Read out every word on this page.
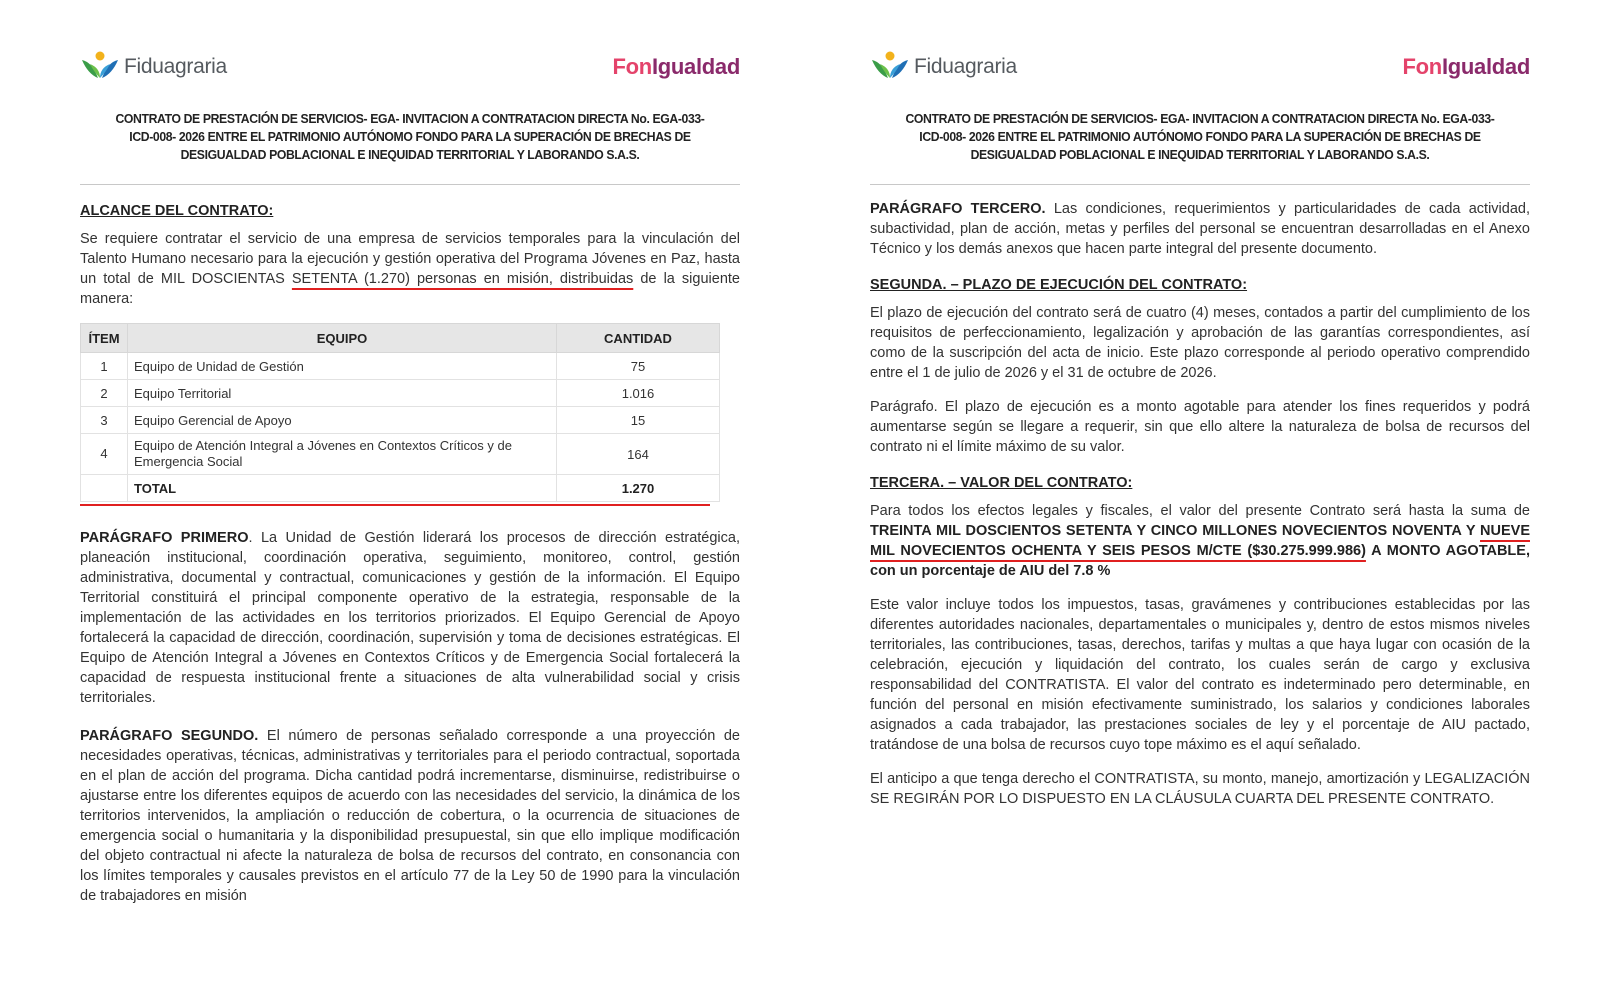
Fiduagraria	FonIgualdad
CONTRATO DE PRESTACIÓN DE SERVICIOS- EGA- INVITACION A CONTRATACION DIRECTA No. EGA-033-
ICD-008- 2026 ENTRE EL PATRIMONIO AUTÓNOMO FONDO PARA LA SUPERACIÓN DE BRECHAS DE
DESIGUALDAD POBLACIONAL E INEQUIDAD TERRITORIAL Y LABORANDO S.A.S.
ALCANCE DEL CONTRATO:
Se requiere contratar el servicio de una empresa de servicios temporales para la vinculación del Talento Humano necesario para la ejecución y gestión operativa del Programa Jóvenes en Paz, hasta un total de MIL DOSCIENTAS SETENTA (1.270) personas en misión, distribuidas de la siguiente manera:
ÍTEM	EQUIPO	CANTIDAD
1	Equipo de Unidad de Gestión	75
2	Equipo Territorial	1.016
3	Equipo Gerencial de Apoyo	15
4	Equipo de Atención Integral a Jóvenes en Contextos Críticos y de Emergencia Social	164
	TOTAL	1.270
PARÁGRAFO PRIMERO. La Unidad de Gestión liderará los procesos de dirección estratégica, planeación institucional, coordinación operativa, seguimiento, monitoreo, control, gestión administrativa, documental y contractual, comunicaciones y gestión de la información. El Equipo Territorial constituirá el principal componente operativo de la estrategia, responsable de la implementación de las actividades en los territorios priorizados. El Equipo Gerencial de Apoyo fortalecerá la capacidad de dirección, coordinación, supervisión y toma de decisiones estratégicas. El Equipo de Atención Integral a Jóvenes en Contextos Críticos y de Emergencia Social fortalecerá la capacidad de respuesta institucional frente a situaciones de alta vulnerabilidad social y crisis territoriales.
PARÁGRAFO SEGUNDO. El número de personas señalado corresponde a una proyección de necesidades operativas, técnicas, administrativas y territoriales para el periodo contractual, soportada en el plan de acción del programa. Dicha cantidad podrá incrementarse, disminuirse, redistribuirse o ajustarse entre los diferentes equipos de acuerdo con las necesidades del servicio, la dinámica de los territorios intervenidos, la ampliación o reducción de cobertura, o la ocurrencia de situaciones de emergencia social o humanitaria y la disponibilidad presupuestal, sin que ello implique modificación del objeto contractual ni afecte la naturaleza de bolsa de recursos del contrato, en consonancia con los límites temporales y causales previstos en el artículo 77 de la Ley 50 de 1990 para la vinculación de trabajadores en misión
Fiduagraria	FonIgualdad
CONTRATO DE PRESTACIÓN DE SERVICIOS- EGA- INVITACION A CONTRATACION DIRECTA No. EGA-033-
ICD-008- 2026 ENTRE EL PATRIMONIO AUTÓNOMO FONDO PARA LA SUPERACIÓN DE BRECHAS DE
DESIGUALDAD POBLACIONAL E INEQUIDAD TERRITORIAL Y LABORANDO S.A.S.
PARÁGRAFO TERCERO. Las condiciones, requerimientos y particularidades de cada actividad, subactividad, plan de acción, metas y perfiles del personal se encuentran desarrolladas en el Anexo Técnico y los demás anexos que hacen parte integral del presente documento.
SEGUNDA. – PLAZO DE EJECUCIÓN DEL CONTRATO:
El plazo de ejecución del contrato será de cuatro (4) meses, contados a partir del cumplimiento de los requisitos de perfeccionamiento, legalización y aprobación de las garantías correspondientes, así como de la suscripción del acta de inicio. Este plazo corresponde al periodo operativo comprendido entre el 1 de julio de 2026 y el 31 de octubre de 2026.
Parágrafo. El plazo de ejecución es a monto agotable para atender los fines requeridos y podrá aumentarse según se llegare a requerir, sin que ello altere la naturaleza de bolsa de recursos del contrato ni el límite máximo de su valor.
TERCERA. – VALOR DEL CONTRATO:
Para todos los efectos legales y fiscales, el valor del presente Contrato será hasta la suma de TREINTA MIL DOSCIENTOS SETENTA Y CINCO MILLONES NOVECIENTOS NOVENTA Y NUEVE MIL NOVECIENTOS OCHENTA Y SEIS PESOS M/CTE ($30.275.999.986) A MONTO AGOTABLE, con un porcentaje de AIU del 7.8 %
Este valor incluye todos los impuestos, tasas, gravámenes y contribuciones establecidas por las diferentes autoridades nacionales, departamentales o municipales y, dentro de estos mismos niveles territoriales, las contribuciones, tasas, derechos, tarifas y multas a que haya lugar con ocasión de la celebración, ejecución y liquidación del contrato, los cuales serán de cargo y exclusiva responsabilidad del CONTRATISTA. El valor del contrato es indeterminado pero determinable, en función del personal en misión efectivamente suministrado, los salarios y condiciones laborales asignados a cada trabajador, las prestaciones sociales de ley y el porcentaje de AIU pactado, tratándose de una bolsa de recursos cuyo tope máximo es el aquí señalado.
El anticipo a que tenga derecho el CONTRATISTA, su monto, manejo, amortización y LEGALIZACIÓN SE REGIRÁN POR LO DISPUESTO EN LA CLÁUSULA CUARTA DEL PRESENTE CONTRATO.
